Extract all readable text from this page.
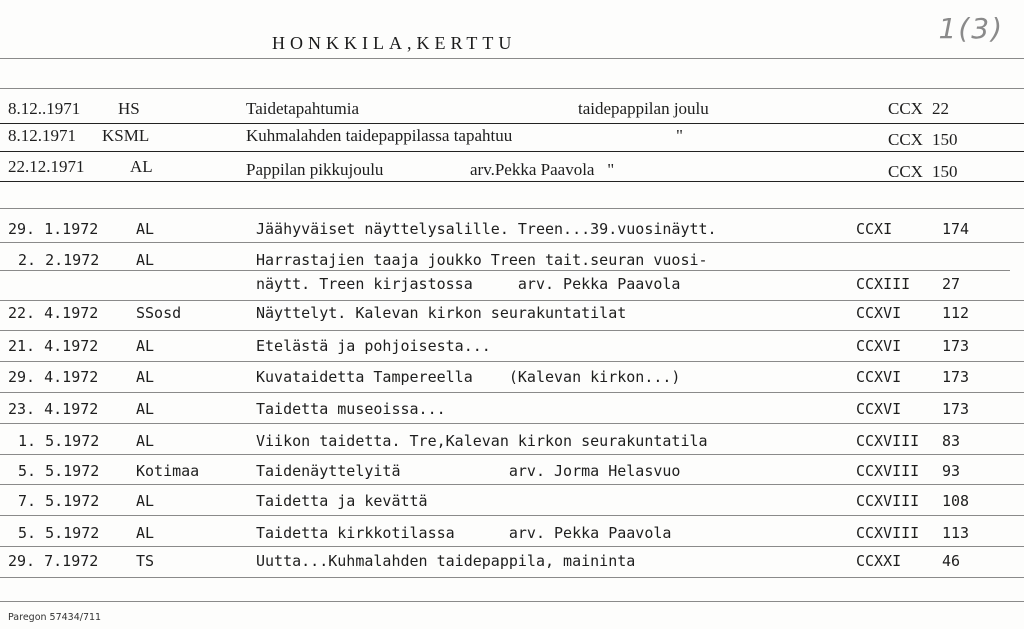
HONKKILA,KERTTU	1(3)
8.12..1971 HS	Taidetapahtumia	taidepappilan joulu	CCX 22
8.12.1971 KSML	Kuhmalahden taidepappilassa tapahtuu	"	CCX 150
22.12.1971	AL	Pappilan pikkujoulu	arv.Pekka Paavola   "	CCX 150
29. 1.1972	AL	Jäähyväiset näyttelysalille. Treen...39.vuosinäytt.	CCXI	174
2. 2.1972 AL	Harrastajien taaja joukko Treen tait.seuran vuosi-
näytt. Treen kirjastossa     arv. Pekka Paavola	CCXIII 27
22. 4.1972	SSosd	Näyttelyt. Kalevan kirkon seurakuntatilat	CCXVI	112
21. 4.1972	AL	Etelästä ja pohjoisesta...	CCXVI	173
29. 4.1972	AL	Kuvataidetta Tampereella    (Kalevan kirkon...)	CCXVI	173
23. 4.1972	AL	Taidetta museoissa...	CCXVI	173
1. 5.1972 AL	Viikon taidetta. Tre,Kalevan kirkon seurakuntatila	CCXVIII 83
5. 5.1972 Kotimaa	Taidenäyttelyitä            arv. Jorma Helasvuo	CCXVIII 93
7. 5.1972 AL	Taidetta ja kevättä	CCXVIII 108
5. 5.1972 AL	Taidetta kirkkotilassa      arv. Pekka Paavola	CCXVIII 113
29. 7.1972	TS	Uutta...Kuhmalahden taidepappila, maininta	CCXXI	46
Paregon 57434/711
